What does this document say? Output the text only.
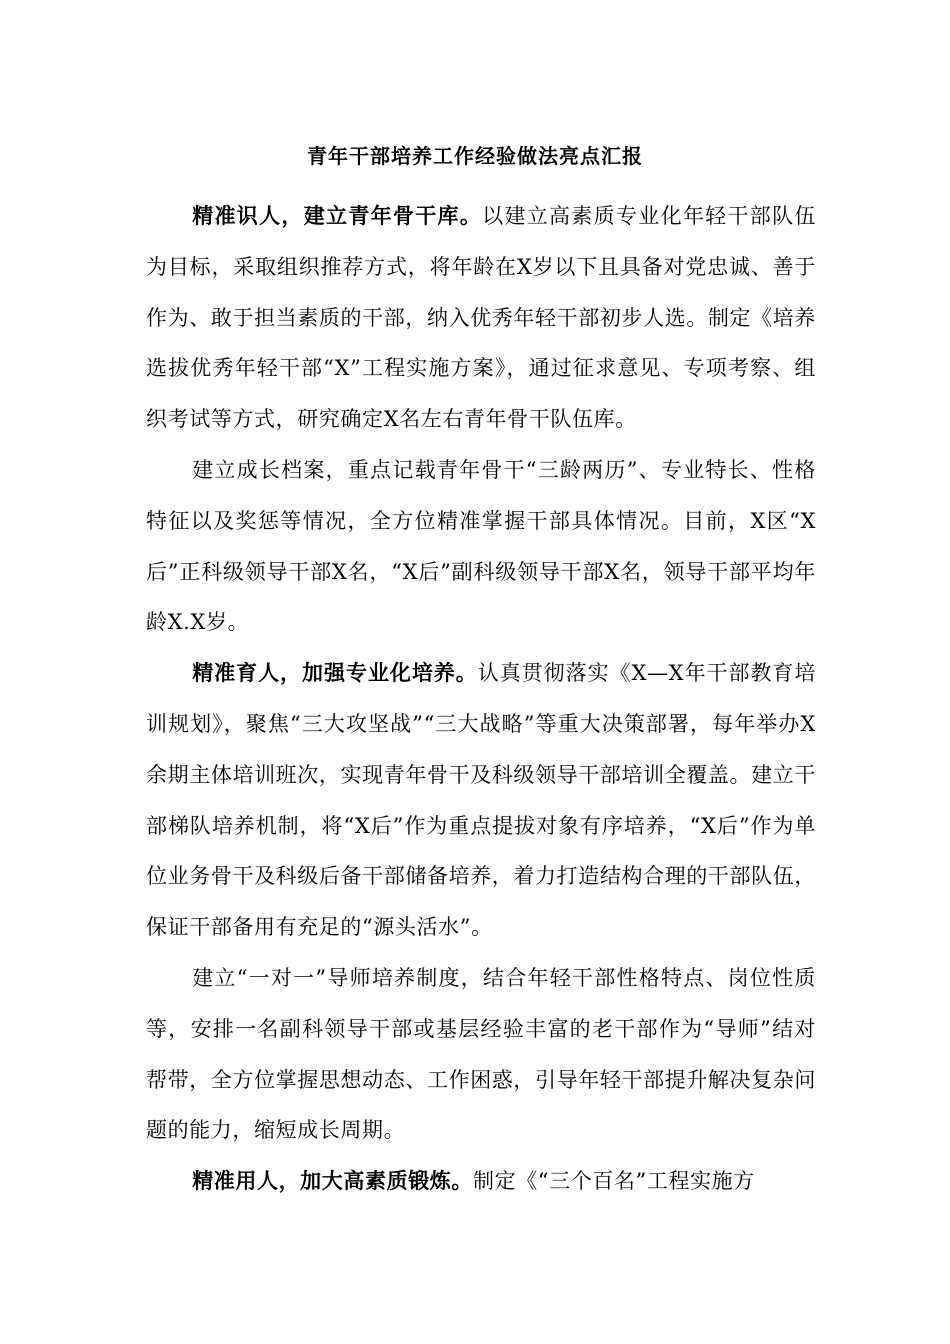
青年干部培养工作经验做法亮点汇报

精准识人，建立青年骨干库。以建立高素质专业化年轻干部队伍为目标，采取组织推荐方式，将年龄在X岁以下且具备对党忠诚、善于作为、敢于担当素质的干部，纳入优秀年轻干部初步人选。制定《培养选拔优秀年轻干部“X”工程实施方案》，通过征求意见、专项考察、组织考试等方式，研究确定X名左右青年骨干队伍库。

建立成长档案，重点记载青年骨干“三龄两历”、专业特长、性格特征以及奖惩等情况，全方位精准掌握干部具体情况。目前，X区“X后”正科级领导干部X名，“X后”副科级领导干部X名，领导干部平均年龄X.X岁。

精准育人，加强专业化培养。认真贯彻落实《X—X年干部教育培训规划》，聚焦“三大攻坚战”“三大战略”等重大决策部署，每年举办X余期主体培训班次，实现青年骨干及科级领导干部培训全覆盖。建立干部梯队培养机制，将“X后”作为重点提拔对象有序培养，“X后”作为单位业务骨干及科级后备干部储备培养，着力打造结构合理的干部队伍，保证干部备用有充足的“源头活水”。

建立“一对一”导师培养制度，结合年轻干部性格特点、岗位性质等，安排一名副科领导干部或基层经验丰富的老干部作为“导师”结对帮带，全方位掌握思想动态、工作困惑，引导年轻干部提升解决复杂问题的能力，缩短成长周期。

精准用人，加大高素质锻炼。制定《“三个百名”工程实施方
